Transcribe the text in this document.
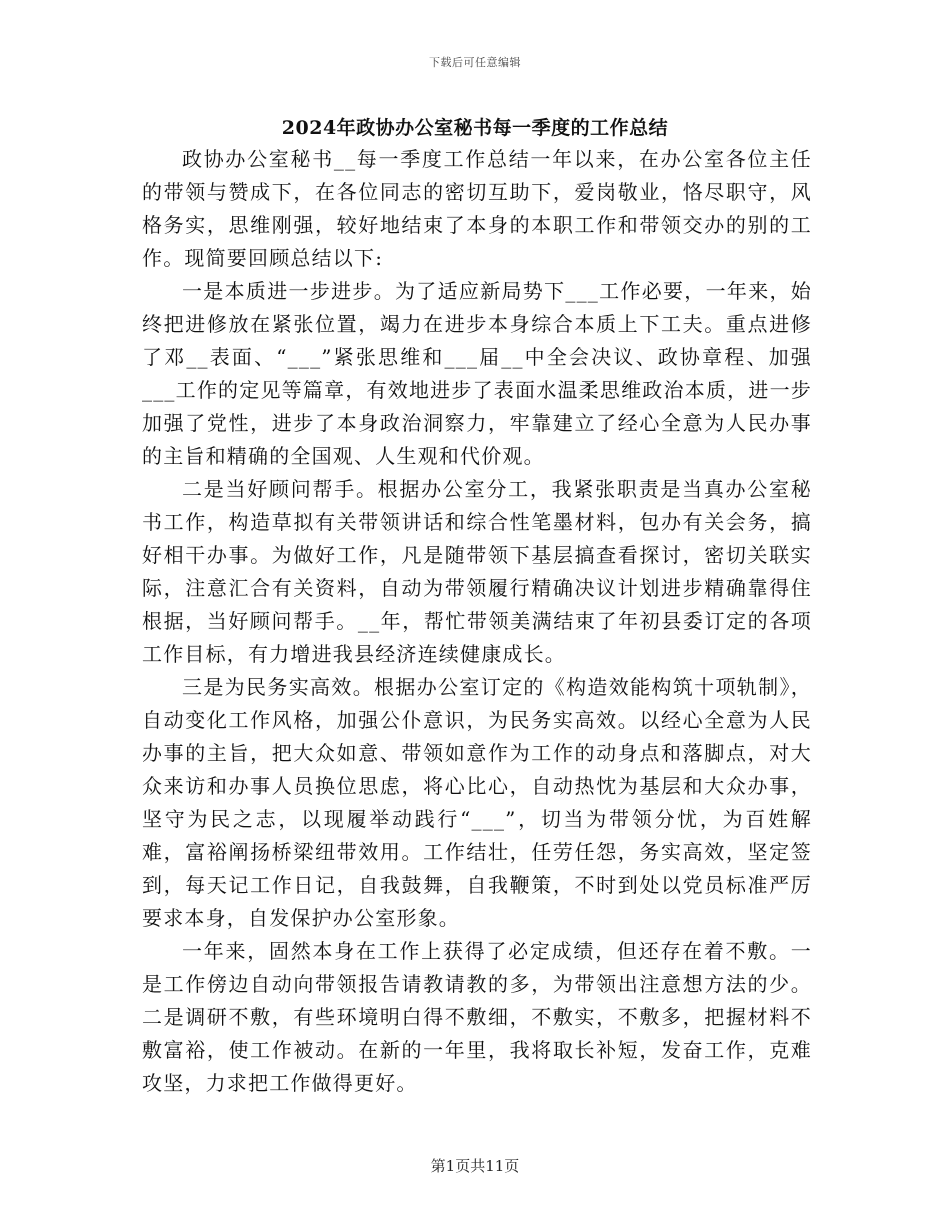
下载后可任意编辑
2024年政协办公室秘书每一季度的工作总结

政协办公室秘书__每一季度工作总结一年以来，在办公室各位主任的带领与赞成下，在各位同志的密切互助下，爱岗敬业，恪尽职守，风格务实，思维刚强，较好地结束了本身的本职工作和带领交办的别的工作。现简要回顾总结以下:

一是本质进一步进步。为了适应新局势下___工作必要，一年来，始终把进修放在紧张位置，竭力在进步本身综合本质上下工夫。重点进修了邓__表面、“___”紧张思维和___届__中全会决议、政协章程、加强___工作的定见等篇章，有效地进步了表面水温柔思维政治本质，进一步加强了党性，进步了本身政治洞察力，牢靠建立了经心全意为人民办事的主旨和精确的全国观、人生观和代价观。

二是当好顾问帮手。根据办公室分工，我紧张职责是当真办公室秘书工作，构造草拟有关带领讲话和综合性笔墨材料，包办有关会务，搞好相干办事。为做好工作，凡是随带领下基层搞查看探讨，密切关联实际，注意汇合有关资料，自动为带领履行精确决议计划进步精确靠得住根据，当好顾问帮手。__年，帮忙带领美满结束了年初县委订定的各项工作目标，有力增进我县经济连续健康成长。

三是为民务实高效。根据办公室订定的《构造效能构筑十项轨制》，自动变化工作风格，加强公仆意识，为民务实高效。以经心全意为人民办事的主旨，把大众如意、带领如意作为工作的动身点和落脚点，对大众来访和办事人员换位思虑，将心比心，自动热忱为基层和大众办事，坚守为民之志，以现履举动践行“___”，切当为带领分忧，为百姓解难，富裕阐扬桥梁纽带效用。工作结壮，任劳任怨，务实高效，坚定签到，每天记工作日记，自我鼓舞，自我鞭策，不时到处以党员标准严厉要求本身，自发保护办公室形象。

一年来，固然本身在工作上获得了必定成绩，但还存在着不敷。一是工作傍边自动向带领报告请教请教的多，为带领出注意想方法的少。二是调研不敷，有些环境明白得不敷细，不敷实，不敷多，把握材料不敷富裕，使工作被动。在新的一年里，我将取长补短，发奋工作，克难攻坚，力求把工作做得更好。

第1页共11页
